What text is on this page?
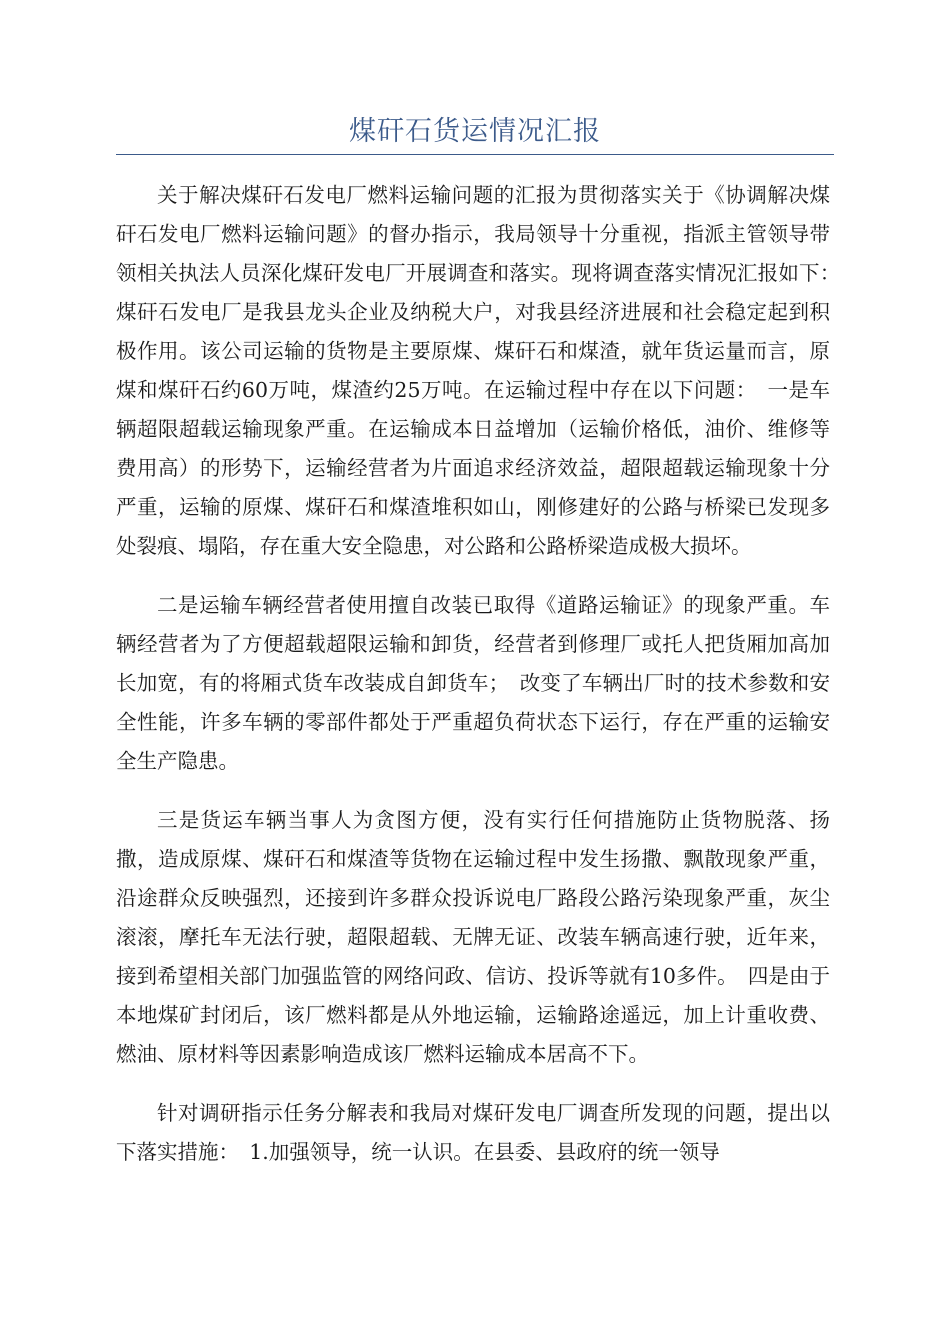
煤矸石货运情况汇报

关于解决煤矸石发电厂燃料运输问题的汇报为贯彻落实关于《协调解决煤矸石发电厂燃料运输问题》的督办指示，我局领导十分重视，指派主管领导带领相关执法人员深化煤矸发电厂开展调查和落实。现将调查落实情况汇报如下：　　煤矸石发电厂是我县龙头企业及纳税大户，对我县经济进展和社会稳定起到积极作用。该公司运输的货物是主要原煤、煤矸石和煤渣，就年货运量而言，原煤和煤矸石约60万吨，煤渣约25万吨。在运输过程中存在以下问题：　一是车辆超限超载运输现象严重。在运输成本日益增加（运输价格低，油价、维修等费用高）的形势下，运输经营者为片面追求经济效益，超限超载运输现象十分严重，运输的原煤、煤矸石和煤渣堆积如山，刚修建好的公路与桥梁已发现多处裂痕、塌陷，存在重大安全隐患，对公路和公路桥梁造成极大损坏。

二是运输车辆经营者使用擅自改装已取得《道路运输证》的现象严重。车辆经营者为了方便超载超限运输和卸货，经营者到修理厂或托人把货厢加高加长加宽，有的将厢式货车改装成自卸货车；　改变了车辆出厂时的技术参数和安全性能，许多车辆的零部件都处于严重超负荷状态下运行，存在严重的运输安全生产隐患。

三是货运车辆当事人为贪图方便，没有实行任何措施防止货物脱落、扬撒，造成原煤、煤矸石和煤渣等货物在运输过程中发生扬撒、飘散现象严重，沿途群众反映强烈，还接到许多群众投诉说电厂路段公路污染现象严重，灰尘滚滚，摩托车无法行驶，超限超载、无牌无证、改装车辆高速行驶，近年来，接到希望相关部门加强监管的网络问政、信访、投诉等就有10多件。　四是由于本地煤矿封闭后，该厂燃料都是从外地运输，运输路途遥远，加上计重收费、燃油、原材料等因素影响造成该厂燃料运输成本居高不下。

针对调研指示任务分解表和我局对煤矸发电厂调查所发现的问题，提出以下落实措施：　1.加强领导，统一认识。在县委、县政府的统一领导
